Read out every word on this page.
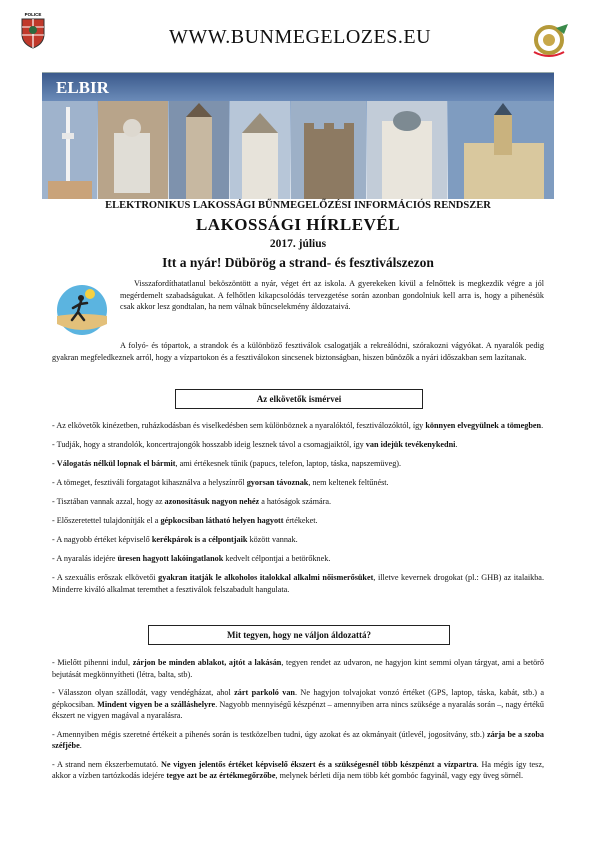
POLICE
WWW.BUNMEGELOZES.EU
ELBIR
ELEKTRONIKUS LAKOSSÁGI BŰNMEGELŐZÉSI INFORMÁCIÓS RENDSZER
LAKOSSÁGI HÍRLEVÉL
2017. július
Itt a nyár! Dübörög a strand- és fesztiválszezon
Visszafordíthatatlanul beköszöntött a nyár, véget ért az iskola. A gyerekeken kívül a felnőttek is megkezdik végre a jól megérdemelt szabadságukat. A felhőtlen kikapcsolódás tervezgetése során azonban gondolniuk kell arra is, hogy a pihenésük csak akkor lesz gondtalan, ha nem válnak bűncselekmény áldozataivá.
A folyó- és tópartok, a strandok és a különböző fesztiválok csalogatják a rekreálódni, szórakozni vágyókat. A nyaralók pedig gyakran megfeledkeznek arról, hogy a vízpartokon és a fesztiválokon sincsenek biztonságban, hiszen bűnözők a nyári időszakban sem lazítanak.
Az elkövetők ismérvei
- Az elkövetők kinézetben, ruházkodásban és viselkedésben sem különböznek a nyaralóktól, fesztiválozóktól, így könnyen elvegyülnek a tömegben.
- Tudják, hogy a strandolók, koncertrajongók hosszabb ideig lesznek távol a csomagjaiktól, így van idejük tevékenykedni.
- Válogatás nélkül lopnak el bármit, ami értékesnek tűnik (papucs, telefon, laptop, táska, napszemüveg).
- A tömeget, fesztiváli forgatagot kihasználva a helyszínről gyorsan távoznak, nem keltenek feltűnést.
- Tisztában vannak azzal, hogy az azonosításuk nagyon nehéz a hatóságok számára.
- Előszeretettel tulajdonítják el a gépkocsiban látható helyen hagyott értékeket.
- A nagyobb értéket képviselő kerékpárok is a célpontjaik között vannak.
- A nyaralás idejére üresen hagyott lakóingatlanok kedvelt célpontjai a betörőknek.
- A szexuális erőszak elkövetői gyakran itatják le alkoholos italokkal alkalmi nőismerősüket, illetve kevernek drogokat (pl.: GHB) az italaikba. Minderre kiváló alkalmat teremthet a fesztiválok felszabadult hangulata.
Mit tegyen, hogy ne váljon áldozattá?
- Mielőtt pihenni indul, zárjon be minden ablakot, ajtót a lakásán, tegyen rendet az udvaron, ne hagyjon kint semmi olyan tárgyat, ami a betörő bejutását megkönnyítheti (létra, balta, stb).
- Válasszon olyan szállodát, vagy vendégházat, ahol zárt parkoló van. Ne hagyjon tolvajokat vonzó értéket (GPS, laptop, táska, kabát, stb.) a gépkocsiban. Mindent vigyen be a szálláshelyre. Nagyobb mennyiségű készpénzt – amennyiben arra nincs szüksége a nyaralás során –, nagy értékű ékszert ne vigyen magával a nyaralásra.
- Amennyiben mégis szeretné értékeit a pihenés során is testközelben tudni, úgy azokat és az okmányait (útlevél, jogosítvány, stb.) zárja be a szoba széfjébe.
- A strand nem ékszerbemutató. Ne vigyen jelentős értéket képviselő ékszert és a szükségesnél több készpénzt a vízpartra. Ha mégis így tesz, akkor a vízben tartózkodás idejére tegye azt be az értékmegőrzőbe, melynek bérleti díja nem több két gombóc fagyinál, vagy egy üveg sörnél.
